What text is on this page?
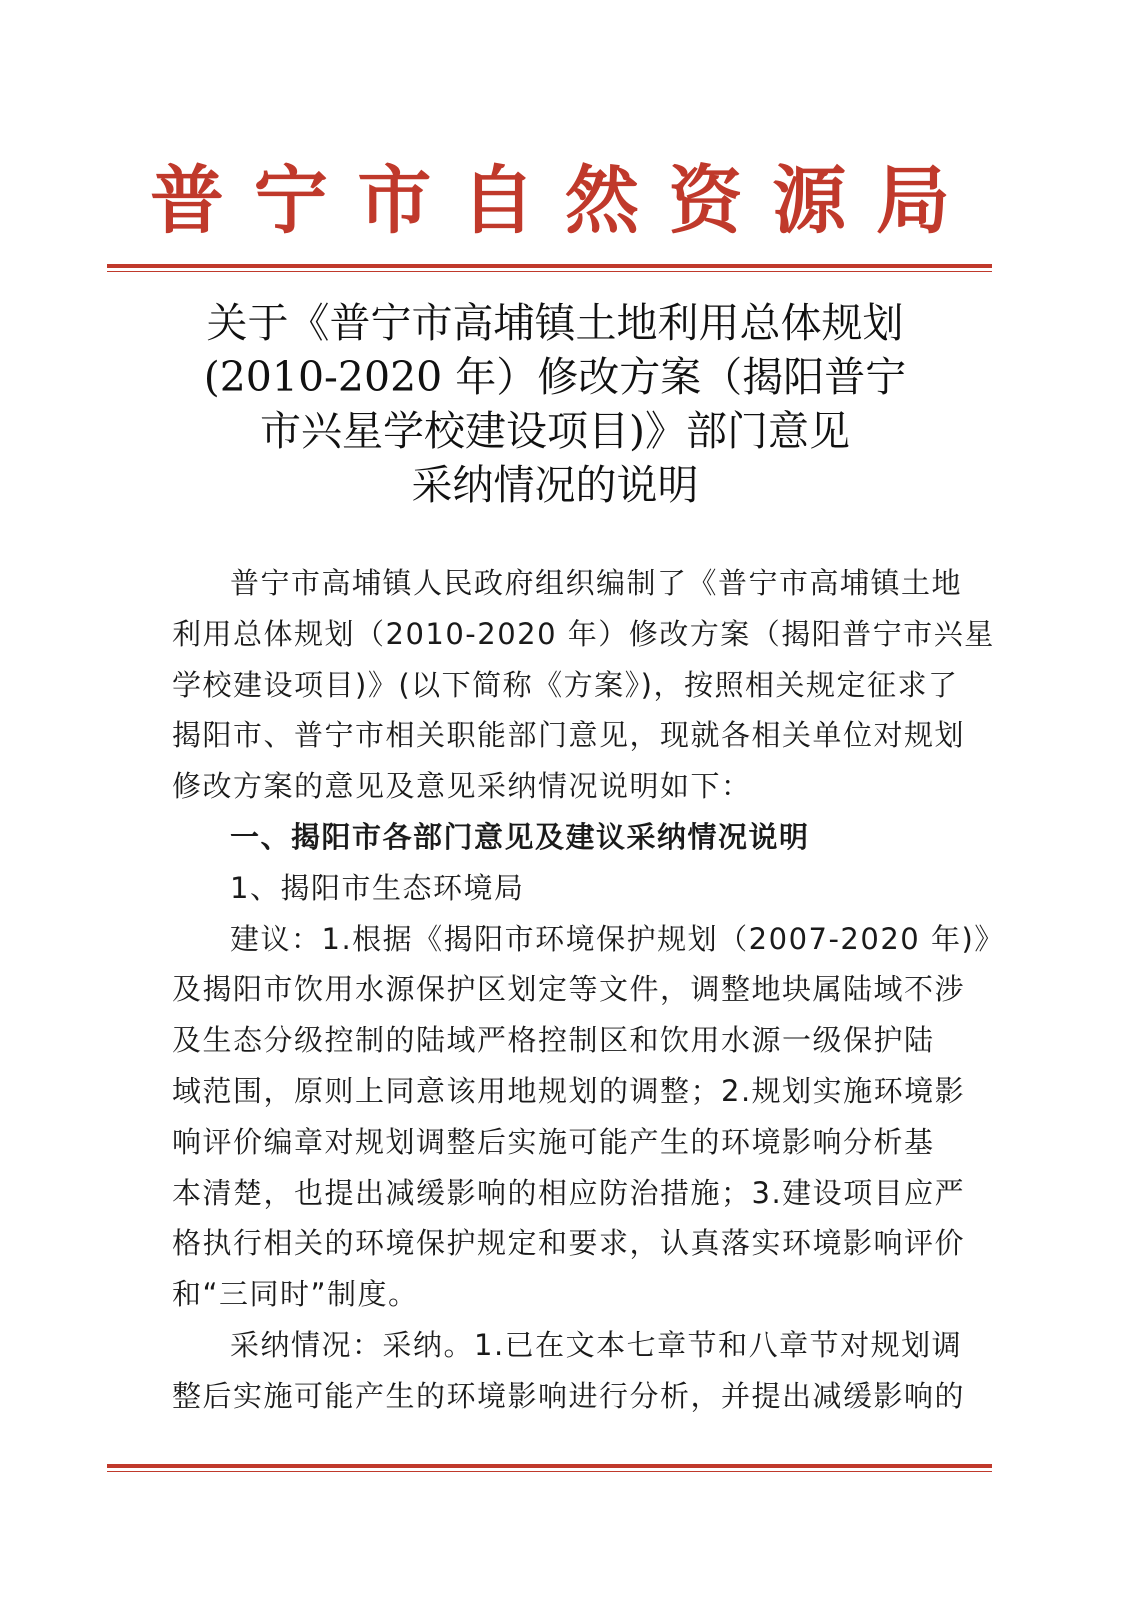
普 宁 市 自 然 资 源 局
关于《普宁市高埔镇土地利用总体规划
(2010-2020 年）修改方案（揭阳普宁
市兴星学校建设项目)》部门意见
采纳情况的说明
普宁市高埔镇人民政府组织编制了《普宁市高埔镇土地
利用总体规划（2010-2020 年）修改方案（揭阳普宁市兴星
学校建设项目)》(以下简称《方案》)，按照相关规定征求了
揭阳市、普宁市相关职能部门意见，现就各相关单位对规划
修改方案的意见及意见采纳情况说明如下：
一、揭阳市各部门意见及建议采纳情况说明
1、揭阳市生态环境局
建议：1.根据《揭阳市环境保护规划（2007-2020 年)》
及揭阳市饮用水源保护区划定等文件，调整地块属陆域不涉
及生态分级控制的陆域严格控制区和饮用水源一级保护陆
域范围，原则上同意该用地规划的调整；2.规划实施环境影
响评价编章对规划调整后实施可能产生的环境影响分析基
本清楚，也提出减缓影响的相应防治措施；3.建设项目应严
格执行相关的环境保护规定和要求，认真落实环境影响评价
和“三同时”制度。
采纳情况：采纳。1.已在文本七章节和八章节对规划调
整后实施可能产生的环境影响进行分析，并提出减缓影响的
